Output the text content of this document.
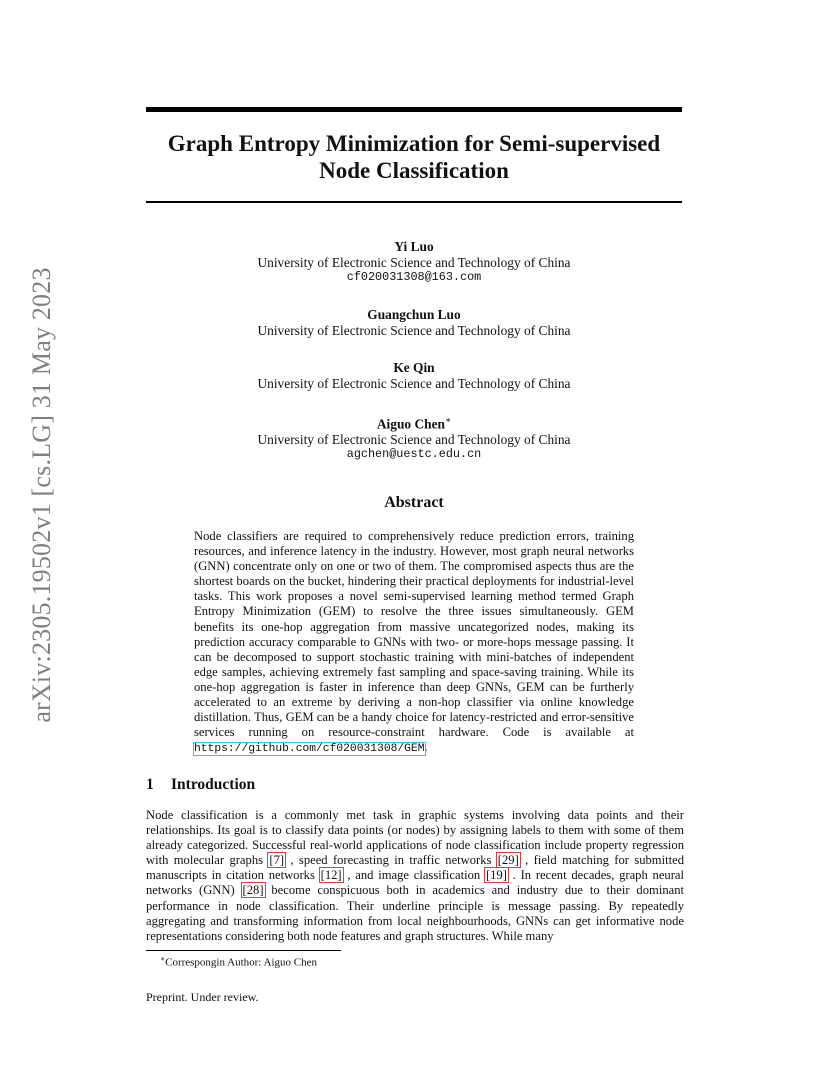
arXiv:2305.19502v1 [cs.LG] 31 May 2023
Graph Entropy Minimization for Semi-supervised
Node Classification
Yi Luo
University of Electronic Science and Technology of China
cf020031308@163.com
Guangchun Luo
University of Electronic Science and Technology of China
Ke Qin
University of Electronic Science and Technology of China
Aiguo Chen∗
University of Electronic Science and Technology of China
agchen@uestc.edu.cn
Abstract

Node classifiers are required to comprehensively reduce prediction errors, training resources, and inference latency in the industry. However, most graph neural networks (GNN) concentrate only on one or two of them. The compromised aspects thus are the shortest boards on the bucket, hindering their practical deployments for industrial-level tasks. This work proposes a novel semi-supervised learning method termed Graph Entropy Minimization (GEM) to resolve the three issues simultaneously. GEM benefits its one-hop aggregation from massive uncategorized nodes, making its prediction accuracy comparable to GNNs with two- or more-hops message passing. It can be decomposed to support stochastic training with mini-batches of independent edge samples, achieving extremely fast sampling and space-saving training. While its one-hop aggregation is faster in inference than deep GNNs, GEM can be furtherly accelerated to an extreme by deriving a non-hop classifier via online knowledge distillation. Thus, GEM can be a handy choice for latency-restricted and error-sensitive services running on resource-constraint hardware. Code is available at https://github.com/cf020031308/GEM.

1 Introduction

Node classification is a commonly met task in graphic systems involving data points and their relationships. Its goal is to classify data points (or nodes) by assigning labels to them with some of them already categorized. Successful real-world applications of node classification include property regression with molecular graphs [7] , speed forecasting in traffic networks [29] , field matching for submitted manuscripts in citation networks [12] , and image classification [19] . In recent decades, graph neural networks (GNN) [28] become conspicuous both in academics and industry due to their dominant performance in node classification. Their underline principle is message passing. By repeatedly aggregating and transforming information from local neighbourhoods, GNNs can get informative node representations considering both node features and graph structures. While many

∗Correspongin Author: Aiguo Chen

Preprint. Under review.
